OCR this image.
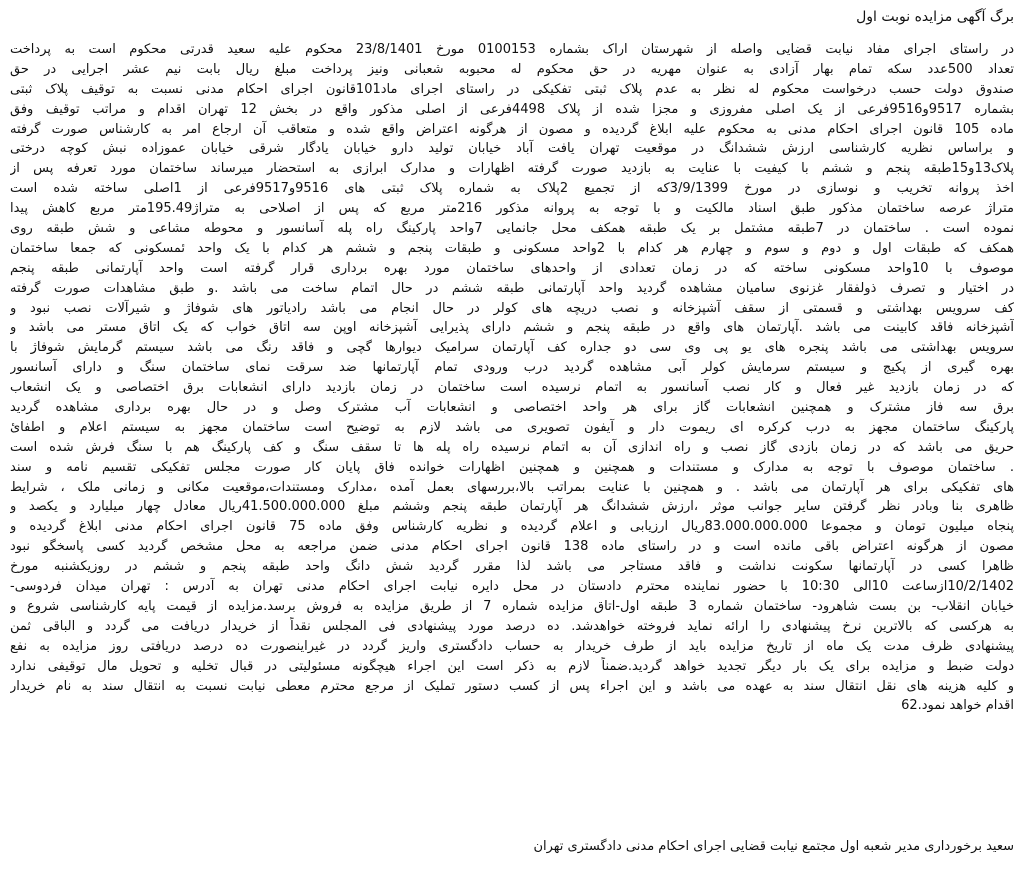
برگ آگهی مزایده نوبت اول
در راستای اجرای مفاد نیابت قضایی واصله از شهرستان اراک بشماره 0100153 مورخ 23/8/1401 محکوم علیه سعید قدرتی محکوم است به پرداخت
تعداد 500عدد سکه تمام بهار آزادی به عنوان مهریه در حق محکوم له محبوبه شعبانی ونیز پرداخت مبلغ ریال بابت نیم عشر اجرایی در حق
صندوق دولت حسب درخواست محکوم له نظر به عدم پلاک ثبتی تفکیکی در راستای اجرای ماد101قانون اجرای احکام مدنی نسبت به توقیف پلاک ثبتی
بشماره 9517و9516فرعی از یک اصلی مفروزی و مجزا شده از پلاک 4498فرعی از اصلی مذکور واقع در بخش 12 تهران اقدام و مراتب توقیف وفق
ماده 105 قانون اجرای احکام مدنی به محکوم علیه ابلاغ گردیده و مصون از هرگونه اعتراض واقع شده و متعاقب آن ارجاع امر به کارشناس صورت گرفته
و براساس نظریه کارشناسی ارزش ششدانگ در موقعیت تهران یافت آباد خیابان تولید دارو خیابان یادگار شرقی خیابان عموزاده نبش کوچه درختی
پلاک13و15طبقه پنجم و ششم با کیفیت با عنایت به بازدید صورت گرفته اظهارات و مدارک ابرازی به استحضار میرساند ساختمان مورد تعرفه پس از
اخذ پروانه تخریب و نوسازی در مورخ 3/9/1399که از تجمیع 2پلاک به شماره پلاک ثبتی های 9516و9517فرعی از 1اصلی ساخته شده است
متراژ عرصه ساختمان مذکور طبق اسناد مالکیت و با توجه به پروانه مذکور 216متر مربع که پس از اصلاحی به متراژ195.49متر مربع کاهش پیدا
نموده است . ساختمان در 7طبقه مشتمل بر یک طبقه همکف محل جانمایی 7واحد پارکینگ راه پله آسانسور و محوطه مشاعی و شش طبقه روی
همکف که طبقات اول و دوم و سوم و چهارم هر کدام با 2واحد مسکونی و طبقات پنجم و ششم هر کدام با یک واحد ئمسکونی که جمعا ساختمان
موصوف با 10واحد مسکونی ساخته که در زمان تعدادی از واحدهای ساختمان مورد بهره برداری قرار گرفته است واحد آپارتمانی طبقه پنجم
در اختیار و تصرف ذولفقار غزنوی سامیان مشاهده گردید واحد آپارتمانی طبقه ششم در حال اتمام ساخت می باشد .و طبق مشاهدات صورت گرفته
کف سرویس بهداشتی و قسمتی از سقف آشپزخانه و نصب دریچه های کولر در حال انجام می باشد رادیاتور های شوفاژ و شیرآلات نصب نبود و
آشپزخانه فاقد کابینت می باشد .آپارتمان های واقع در طبقه پنجم و ششم دارای پذیرایی آشپزخانه اوپن سه اتاق خواب که یک اتاق مستر می باشد و
سرویس بهداشتی می باشد پنجره های یو پی وی سی دو جداره کف آپارتمان سرامیک دیوارها گچی و فاقد رنگ می باشد سیستم گرمایش شوفاژ با
بهره گیری از پکیج و سیستم سرمایش کولر آبی مشاهده گردید درب ورودی تمام آپارتمانها ضد سرقت نمای ساختمان سنگ و دارای آسانسور
که در زمان بازدید غیر فعال و کار نصب آسانسور به اتمام نرسیده است ساختمان در زمان بازدید دارای انشعابات برق اختصاصی و یک انشعاب
برق سه فاز مشترک و همچنین انشعابات گاز برای هر واحد اختصاصی و انشعابات آب مشترک وصل و در حال بهره برداری مشاهده گردید
پارکینگ ساختمان مجهز به درب کرکره ای ریموت دار و آیفون تصویری می باشد لازم به توضیح است ساختمان مجهز به سیستم اعلام و اطفائ
حریق می باشد که در زمان بازدی گاز نصب و راه اندازی آن به اتمام نرسیده راه پله ها تا سقف سنگ و کف پارکینگ هم با سنگ فرش شده است
. ساختمان موصوف با توجه به مدارک و مستندات و همچنین و همچنین اظهارات خوانده فاق پایان کار صورت مجلس تفکیکی تقسیم نامه و سند
های تفکیکی برای هر آپارتمان می باشد . و همچنین با عنایت بمراتب بالا،بررسهای بعمل آمده ،مدارک ومستندات،موقعیت مکانی و زمانی ملک ، شرایط
ظاهری بنا وبادر نظر گرفتن سایر جوانب موثر ،ارزش ششدانگ هر آپارتمان طبقه پنجم وششم مبلغ 41.500.000.000ریال معادل چهار میلیارد و یکصد و
پنجاه میلیون تومان و مجموعا 83.000.000.000ریال ارزیابی و اعلام گردیده و نظریه کارشناس وفق ماده 75 قانون اجرای احکام مدنی ابلاغ گردیده و
مصون از هرگونه اعتراض باقی مانده است و در راستای ماده 138 قانون اجرای احکام مدنی ضمن مراجعه به محل مشخص گردید کسی پاسخگو نبود
ظاهرا کسی در آپارتمانها سکونت نداشت و فاقد مستاجر می باشد لذا مقرر گردید شش دانگ واحد طبقه پنجم و ششم در روزیکشنبه مورخ
10/2/1402ازساعت 10الی 10:30 با حضور نماینده محترم دادستان در محل دایره نیابت اجرای احکام مدنی تهران به آدرس : تهران میدان فردوسی-
خیابان انقلاب- بن بست شاهرود- ساختمان شماره 3 طبقه اول-اتاق مزایده شماره 7 از طریق مزایده به فروش برسد.مزایده از قیمت پایه کارشناسی شروع و
به هرکسی که بالاترین نرخ پیشنهادی را ارائه نماید فروخته خواهدشد. ده درصد مورد پیشنهادی فی المجلس نقداً از خریدار دریافت می گردد و الباقی ثمن
پیشنهادی ظرف مدت یک ماه از تاریخ مزایده باید از طرف خریدار به حساب دادگستری واریز گردد در غیراینصورت ده درصد دریافتی روز مزایده به نفع
دولت ضبط و مزایده برای یک بار دیگر تجدید خواهد گردید.ضمناً لازم به ذکر است این اجراء هیچگونه مسئولیتی در قبال تخلیه و تحویل مال توقیفی ندارد
و کلیه هزینه های نقل انتقال سند به عهده می باشد و این اجراء پس از کسب دستور تملیک از مرجع محترم معطی نیابت نسبت به انتقال سند به نام خریدار
اقدام خواهد نمود.62
سعید برخورداری مدیر شعبه اول مجتمع نیابت قضایی اجرای احکام مدنی دادگستری تهران
